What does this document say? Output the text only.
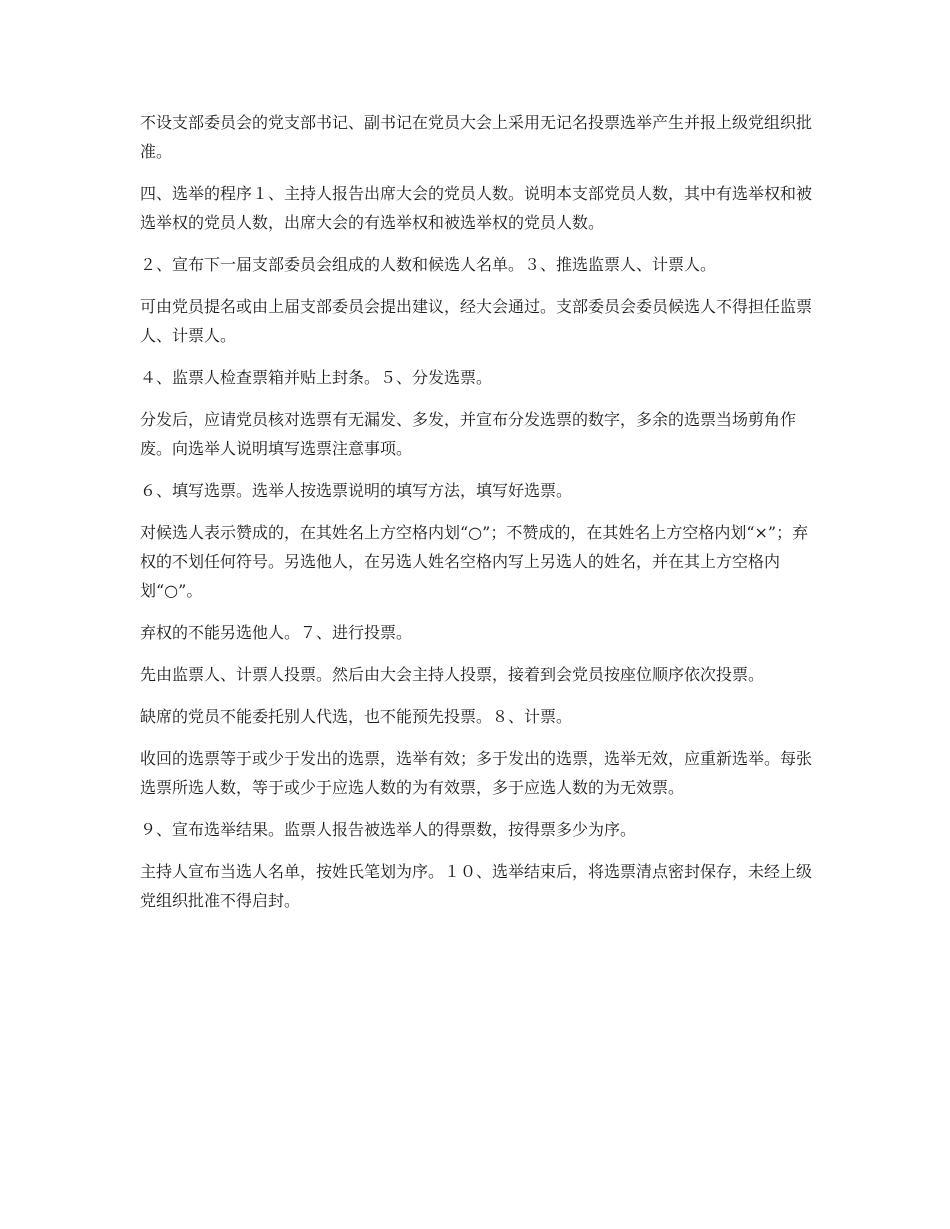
不设支部委员会的党支部书记、副书记在党员大会上采用无记名投票选举产生并报上级党组织批准。

四、选举的程序１、主持人报告出席大会的党员人数。说明本支部党员人数，其中有选举权和被选举权的党员人数，出席大会的有选举权和被选举权的党员人数。

２、宣布下一届支部委员会组成的人数和候选人名单。３、推选监票人、计票人。

可由党员提名或由上届支部委员会提出建议，经大会通过。支部委员会委员候选人不得担任监票人、计票人。

４、监票人检查票箱并贴上封条。５、分发选票。

分发后，应请党员核对选票有无漏发、多发，并宣布分发选票的数字，多余的选票当场剪角作废。向选举人说明填写选票注意事项。

６、填写选票。选举人按选票说明的填写方法，填写好选票。

对候选人表示赞成的，在其姓名上方空格内划“○”；不赞成的，在其姓名上方空格内划“×”；弃权的不划任何符号。另选他人，在另选人姓名空格内写上另选人的姓名，并在其上方空格内划“○”。

弃权的不能另选他人。７、进行投票。

先由监票人、计票人投票。然后由大会主持人投票，接着到会党员按座位顺序依次投票。

缺席的党员不能委托别人代选，也不能预先投票。８、计票。

收回的选票等于或少于发出的选票，选举有效；多于发出的选票，选举无效，应重新选举。每张选票所选人数，等于或少于应选人数的为有效票，多于应选人数的为无效票。

９、宣布选举结果。监票人报告被选举人的得票数，按得票多少为序。

主持人宣布当选人名单，按姓氏笔划为序。１０、选举结束后，将选票清点密封保存，未经上级党组织批准不得启封。
